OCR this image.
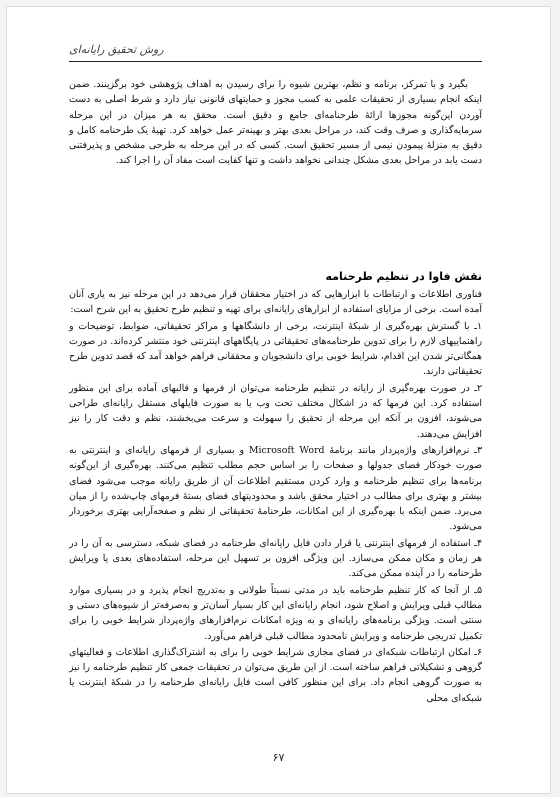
روش تحقیق رایانه‌ای

بگیرد و با تمرکز، برنامه و نظم، بهترین شیوه را برای رسیدن به اهداف پژوهشی خود برگزینند. ضمن اینکه انجام بسیاری از تحقیقات علمی به کسب مجوز و حمایتهای قانونی نیاز دارد و شرط اصلی به دست آوردن این‌گونه مجوزها ارائهٔ طرحنامه‌ای جامع و دقیق است. محقق به هر میزان در این مرحله سرمایه‌گذاری و صرف وقت کند، در مراحل بعدی بهتر و بهینه‌تر عمل خواهد کرد. تهیهٔ یک طرحنامه کامل و دقیق به منزلهٔ پیمودن نیمی از مسیر تحقیق است. کسی که در این مرحله به طرحی مشخص و پذیرفتنی دست یابد در مراحل بعدی مشکل چندانی نخواهد داشت و تنها کفایت است مفاد آن را اجرا کند.

نقش فاوا در تنظیم طرحنامه

فناوری اطلاعات و ارتباطات با ابزارهایی که در اختیار محققان قرار می‌دهد در این مرحله نیز به یاری آنان آمده است. برخی از مزایای استفاده از ابزارهای رایانه‌ای برای تهیه و تنظیم طرح تحقیق به این شرح است:

۱ـ با گسترش بهره‌گیری از شبکهٔ اینترنت، برخی از دانشگاهها و مراکز تحقیقاتی، ضوابط، توضیحات و راهنماییهای لازم را برای تدوین طرحنامه‌های تحقیقاتی در پایگاههای اینترنتی خود منتشر کرده‌اند. در صورت همگانی‌تر شدن این اقدام، شرایط خوبی برای دانشجویان و محققانی فراهم خواهد آمد که قصد تدوین طرح تحقیقاتی دارند.

۲ـ در صورت بهره‌گیری از رایانه در تنظیم طرحنامه می‌توان از فرمها و قالبهای آماده برای این منظور استفاده کرد. این فرمها که در اشکال مختلف تحت وب یا به صورت فایلهای مستقل رایانه‌ای طراحی می‌شوند، افزون بر آنکه این مرحله از تحقیق را سهولت و سرعت می‌بخشند، نظم و دقت کار را نیز افزایش می‌دهند.

۳ـ نرم‌افزارهای واژه‌پرداز مانند برنامهٔ Microsoft Word و بسیاری از فرمهای رایانه‌ای و اینترنتی به صورت خودکار فضای جدولها و صفحات را بر اساس حجم مطلب تنظیم می‌کنند. بهره‌گیری از این‌گونه برنامه‌ها برای تنظیم طرحنامه و وارد کردن مستقیم اطلاعات آن از طریق رایانه موجب می‌شود فضای بیشتر و بهتری برای مطالب در اختیار محقق باشد و محدودیتهای فضای بستهٔ فرمهای چاپ‌شده را از میان می‌برد. ضمن اینکه با بهره‌گیری از این امکانات، طرحنامهٔ تحقیقاتی از نظم و صفحه‌آرایی بهتری برخوردار می‌شود.

۴ـ استفاده از فرمهای اینترنتی یا قرار دادن فایل رایانه‌ای طرحنامه در فضای شبکه، دسترسی به آن را در هر زمان و مکان ممکن می‌سازد. این ویژگی افزون بر تسهیل این مرحله، استفاده‌های بعدی یا ویرایش طرحنامه را در آینده ممکن می‌کند.

۵ـ از آنجا که کار تنظیم طرحنامه باید در مدتی نسبتاً طولانی و به‌تدریج انجام پذیرد و در بسیاری موارد مطالب قبلی ویرایش و اصلاح شود، انجام رایانه‌ای این کار بسیار آسان‌تر و به‌صرفه‌تر از شیوه‌های دستی و سنتی است. ویژگی برنامه‌های رایانه‌ای و به ویژه امکانات نرم‌افزارهای واژه‌پرداز شرایط خوبی را برای تکمیل تدریجی طرحنامه و ویرایش نامحدود مطالب قبلی فراهم می‌آورد.

۶ـ امکان ارتباطات شبکه‌ای در فضای مجازی شرایط خوبی را برای به اشتراک‌گذاری اطلاعات و فعالیتهای گروهی و تشکیلاتی فراهم ساخته است. از این طریق می‌توان در تحقیقات جمعی کار تنظیم طرحنامه را نیز به صورت گروهی انجام داد. برای این منظور کافی است فایل رایانه‌ای طرحنامه را در شبکهٔ اینترنت یا شبکه‌ای محلی

۶۷
